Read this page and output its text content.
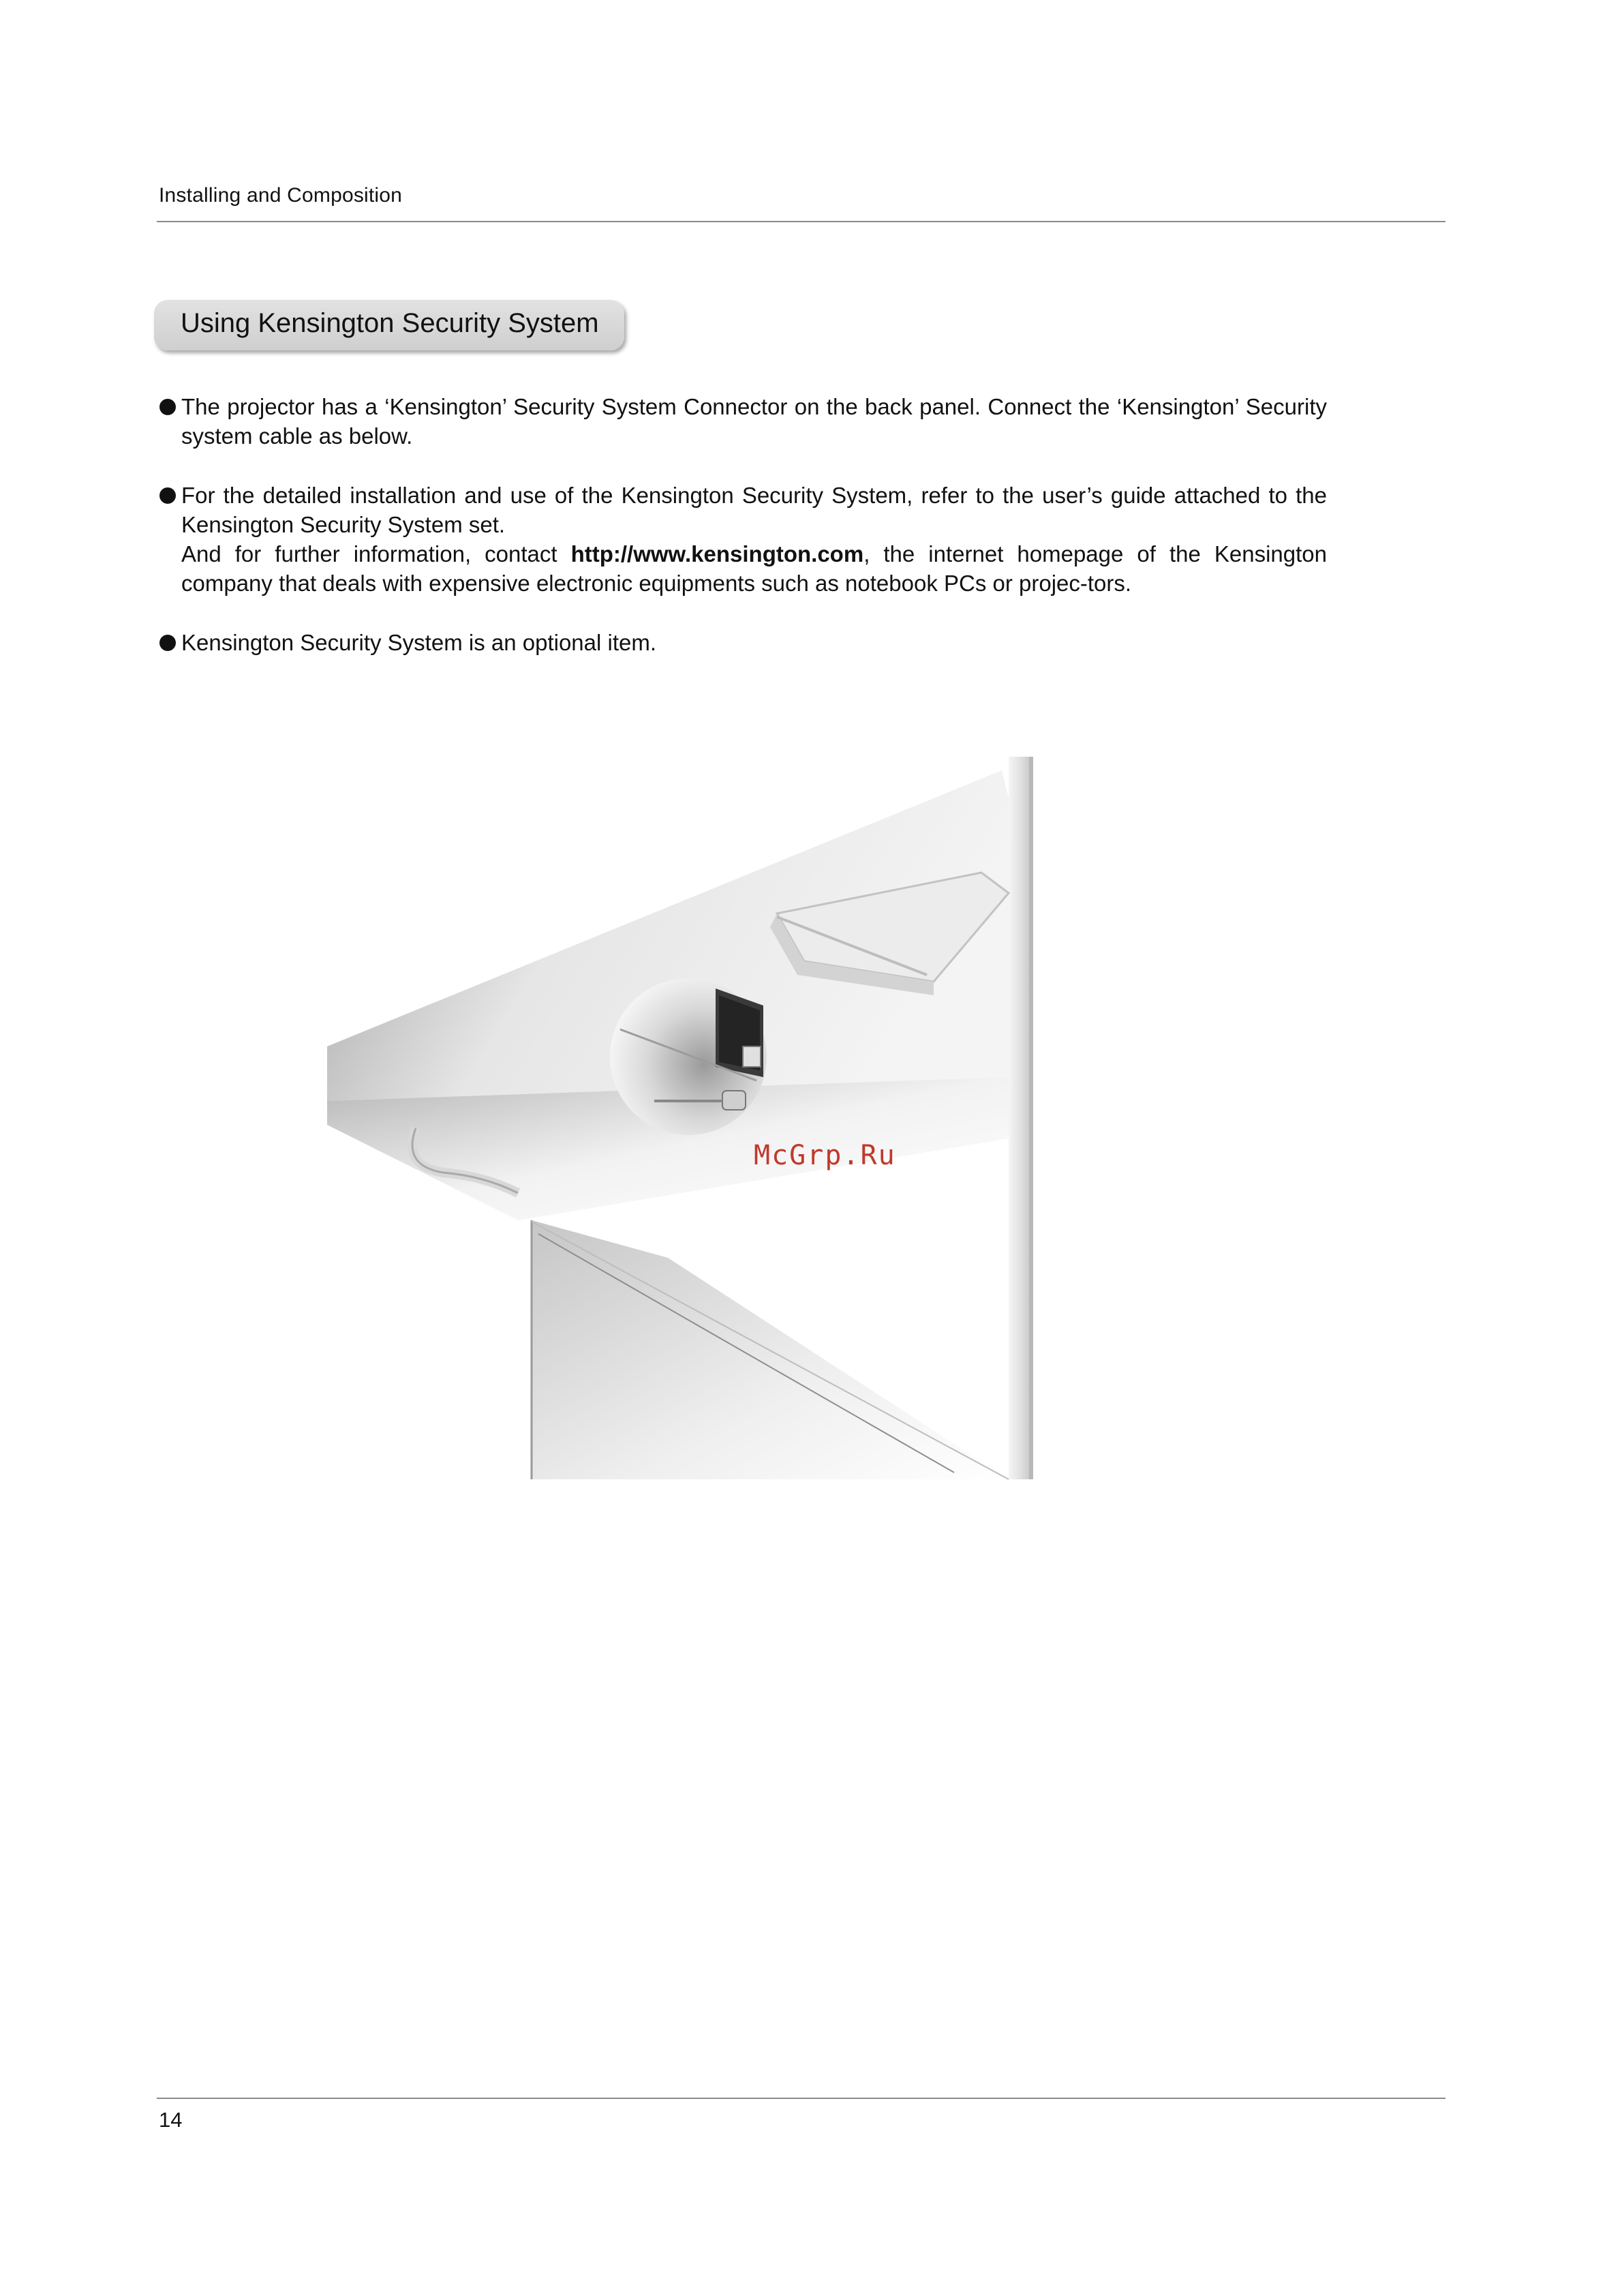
Installing and Composition
Using Kensington Security System

The projector has a ‘Kensington’ Security System Connector on the back panel. Connect the ‘Kensington’ Security system cable as below.

For the detailed installation and use of the Kensington Security System, refer to the user’s guide attached to the Kensington Security System set.

And for further information, contact http://www.kensington.com, the internet homepage of the Kensington company that deals with expensive electronic equipments such as notebook PCs or projec-tors.

Kensington Security System is an optional item.

McGrp.Ru
14
